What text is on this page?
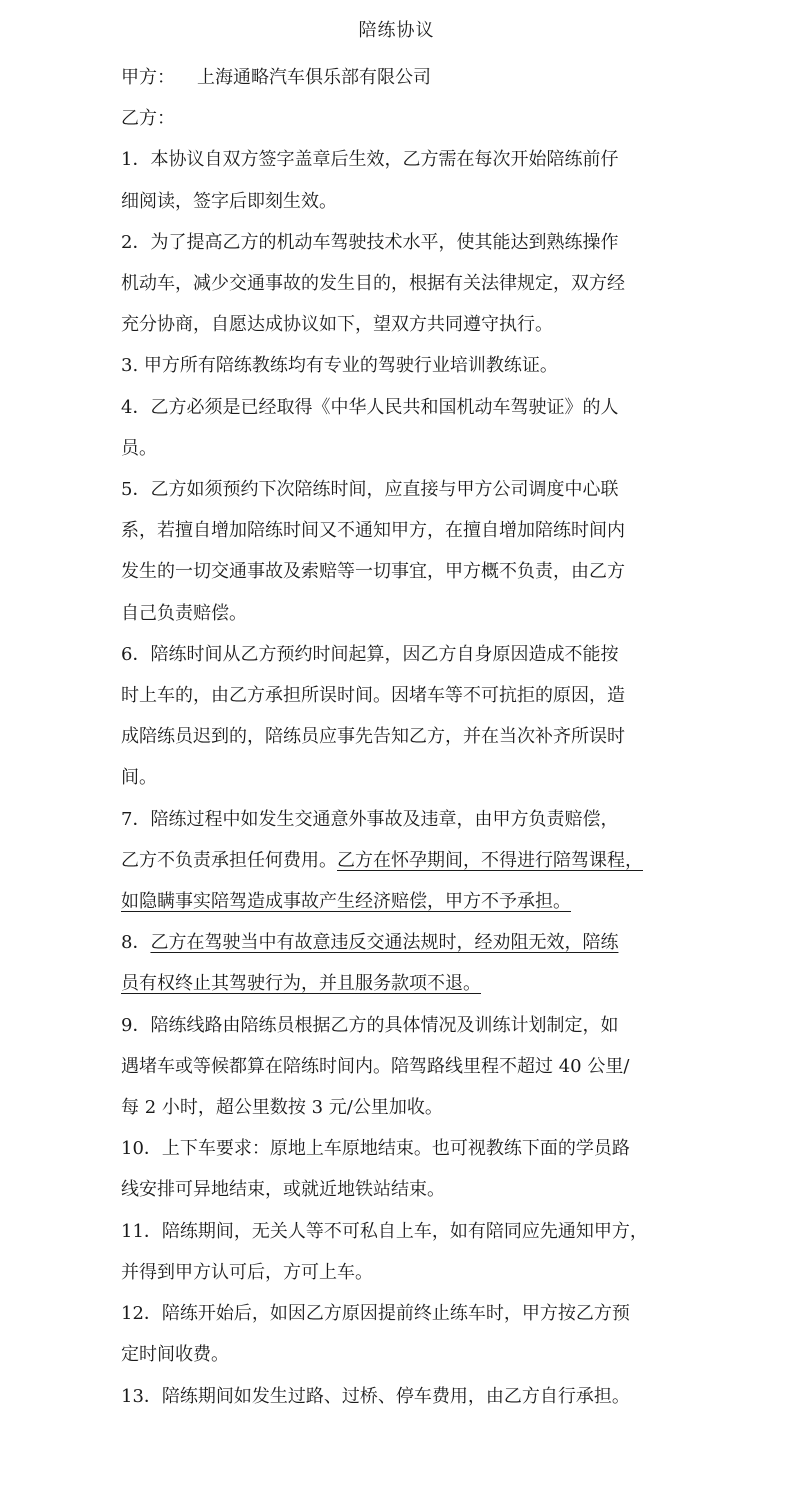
陪练协议

甲方： 上海通略汽车俱乐部有限公司

乙方：

1．本协议自双方签字盖章后生效，乙方需在每次开始陪练前仔
细阅读，签字后即刻生效。

2．为了提高乙方的机动车驾驶技术水平，使其能达到熟练操作
机动车，减少交通事故的发生目的，根据有关法律规定，双方经
充分协商，自愿达成协议如下，望双方共同遵守执行。

3. 甲方所有陪练教练均有专业的驾驶行业培训教练证。

4．乙方必须是已经取得《中华人民共和国机动车驾驶证》的人
员。

5．乙方如须预约下次陪练时间，应直接与甲方公司调度中心联
系，若擅自增加陪练时间又不通知甲方，在擅自增加陪练时间内
发生的一切交通事故及索赔等一切事宜，甲方概不负责，由乙方
自己负责赔偿。

6．陪练时间从乙方预约时间起算，因乙方自身原因造成不能按
时上车的，由乙方承担所误时间。因堵车等不可抗拒的原因，造
成陪练员迟到的，陪练员应事先告知乙方，并在当次补齐所误时
间。

7．陪练过程中如发生交通意外事故及违章，由甲方负责赔偿，
乙方不负责承担任何费用。乙方在怀孕期间，不得进行陪驾课程，
如隐瞒事实陪驾造成事故产生经济赔偿，甲方不予承担。

8．乙方在驾驶当中有故意违反交通法规时，经劝阻无效，陪练
员有权终止其驾驶行为，并且服务款项不退。

9．陪练线路由陪练员根据乙方的具体情况及训练计划制定，如
遇堵车或等候都算在陪练时间内。陪驾路线里程不超过 40 公里/
每 2 小时，超公里数按 3 元/公里加收。

10．上下车要求：原地上车原地结束。也可视教练下面的学员路
线安排可异地结束，或就近地铁站结束。

11．陪练期间，无关人等不可私自上车，如有陪同应先通知甲方，
并得到甲方认可后，方可上车。

12．陪练开始后，如因乙方原因提前终止练车时，甲方按乙方预
定时间收费。

13．陪练期间如发生过路、过桥、停车费用，由乙方自行承担。
